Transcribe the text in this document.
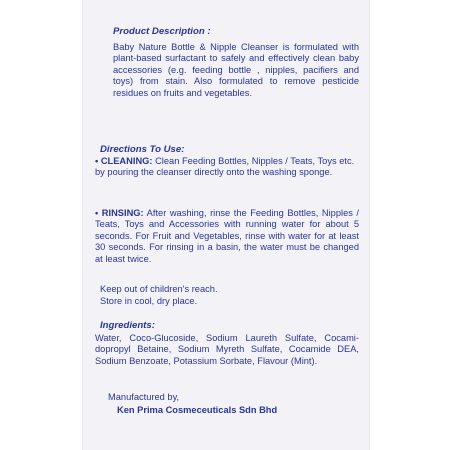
Product Description :

Baby Nature Bottle & Nipple Cleanser is formulated with plant-based surfactant to safely and effectively clean baby accessories (e.g. feeding bottle , nipples, pacifiers and toys) from stain. Also formulated to remove pesticide residues on fruits and vegetables.

Directions To Use:

• CLEANING: Clean Feeding Bottles, Nipples / Teats, Toys etc. by pouring the cleanser directly onto the washing sponge.

• RINSING: After washing, rinse the Feeding Bottles, Nipples / Teats, Toys and Accessories with running water for about 5 seconds. For Fruit and Vegetables, rinse with water for at least 30 seconds. For rinsing in a basin, the water must be changed at least twice.

Keep out of children's reach.

Store in cool, dry place.

Ingredients:

Water, Coco-Glucoside, Sodium Laureth Sulfate, Cocamidopropyl Betaine, Sodium Myreth Sulfate, Cocamide DEA, Sodium Benzoate, Potassium Sorbate, Flavour (Mint).

Manufactured by,

Ken Prima Cosmeceuticals Sdn Bhd
